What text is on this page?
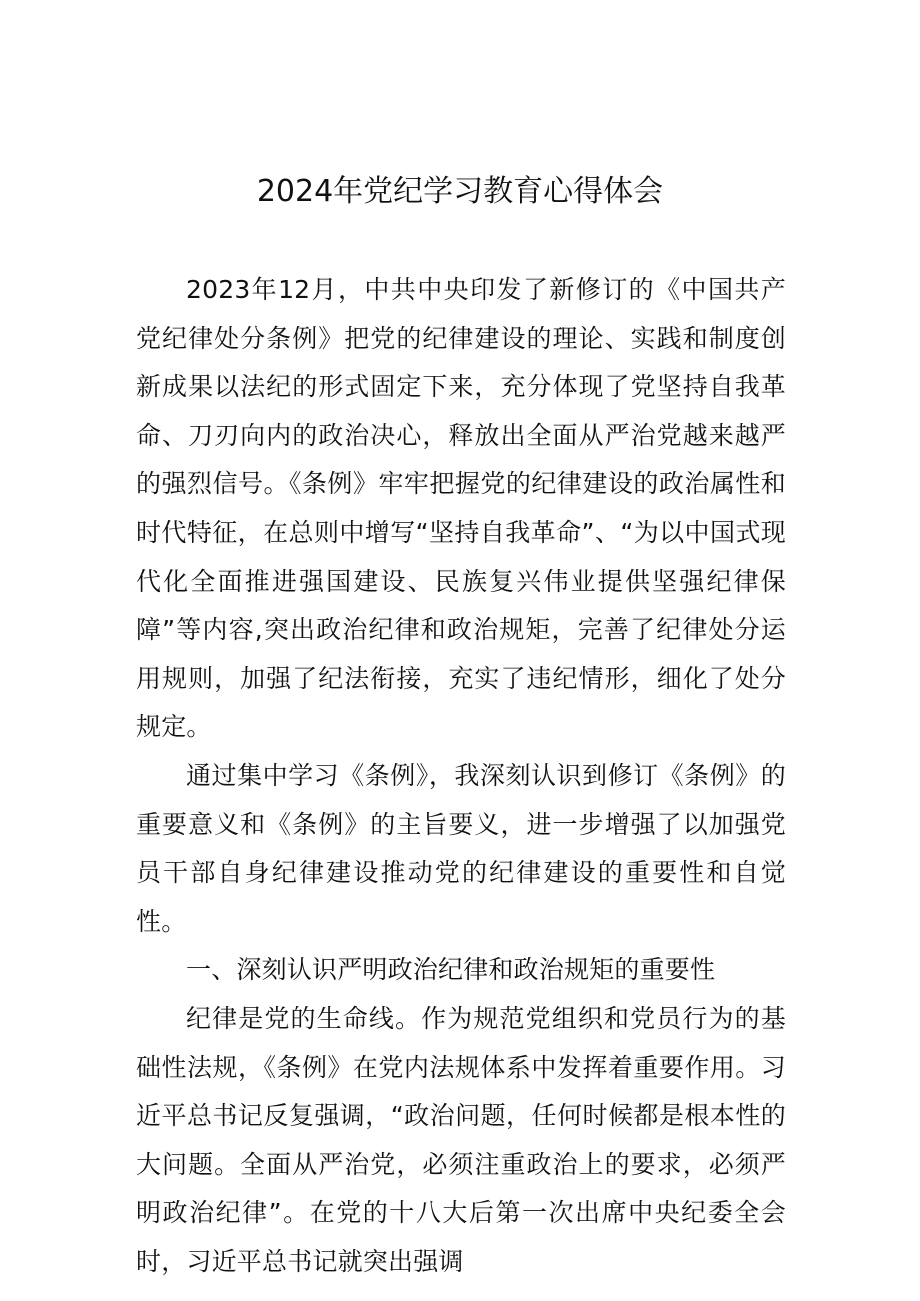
2024年党纪学习教育心得体会

2023年12月，中共中央印发了新修订的《中国共产党纪律处分条例》把党的纪律建设的理论、实践和制度创新成果以法纪的形式固定下来，充分体现了党坚持自我革命、刀刃向内的政治决心，释放出全面从严治党越来越严的强烈信号。《条例》牢牢把握党的纪律建设的政治属性和时代特征，在总则中增写“坚持自我革命”、“为以中国式现代化全面推进强国建设、民族复兴伟业提供坚强纪律保障”等内容,突出政治纪律和政治规矩，完善了纪律处分运用规则，加强了纪法衔接，充实了违纪情形，细化了处分规定。

通过集中学习《条例》，我深刻认识到修订《条例》的重要意义和《条例》的主旨要义，进一步增强了以加强党员干部自身纪律建设推动党的纪律建设的重要性和自觉性。

一、深刻认识严明政治纪律和政治规矩的重要性

纪律是党的生命线。作为规范党组织和党员行为的基础性法规，《条例》在党内法规体系中发挥着重要作用。习近平总书记反复强调，“政治问题，任何时候都是根本性的大问题。全面从严治党，必须注重政治上的要求，必须严明政治纪律”。在党的十八大后第一次出席中央纪委全会时，习近平总书记就突出强调
